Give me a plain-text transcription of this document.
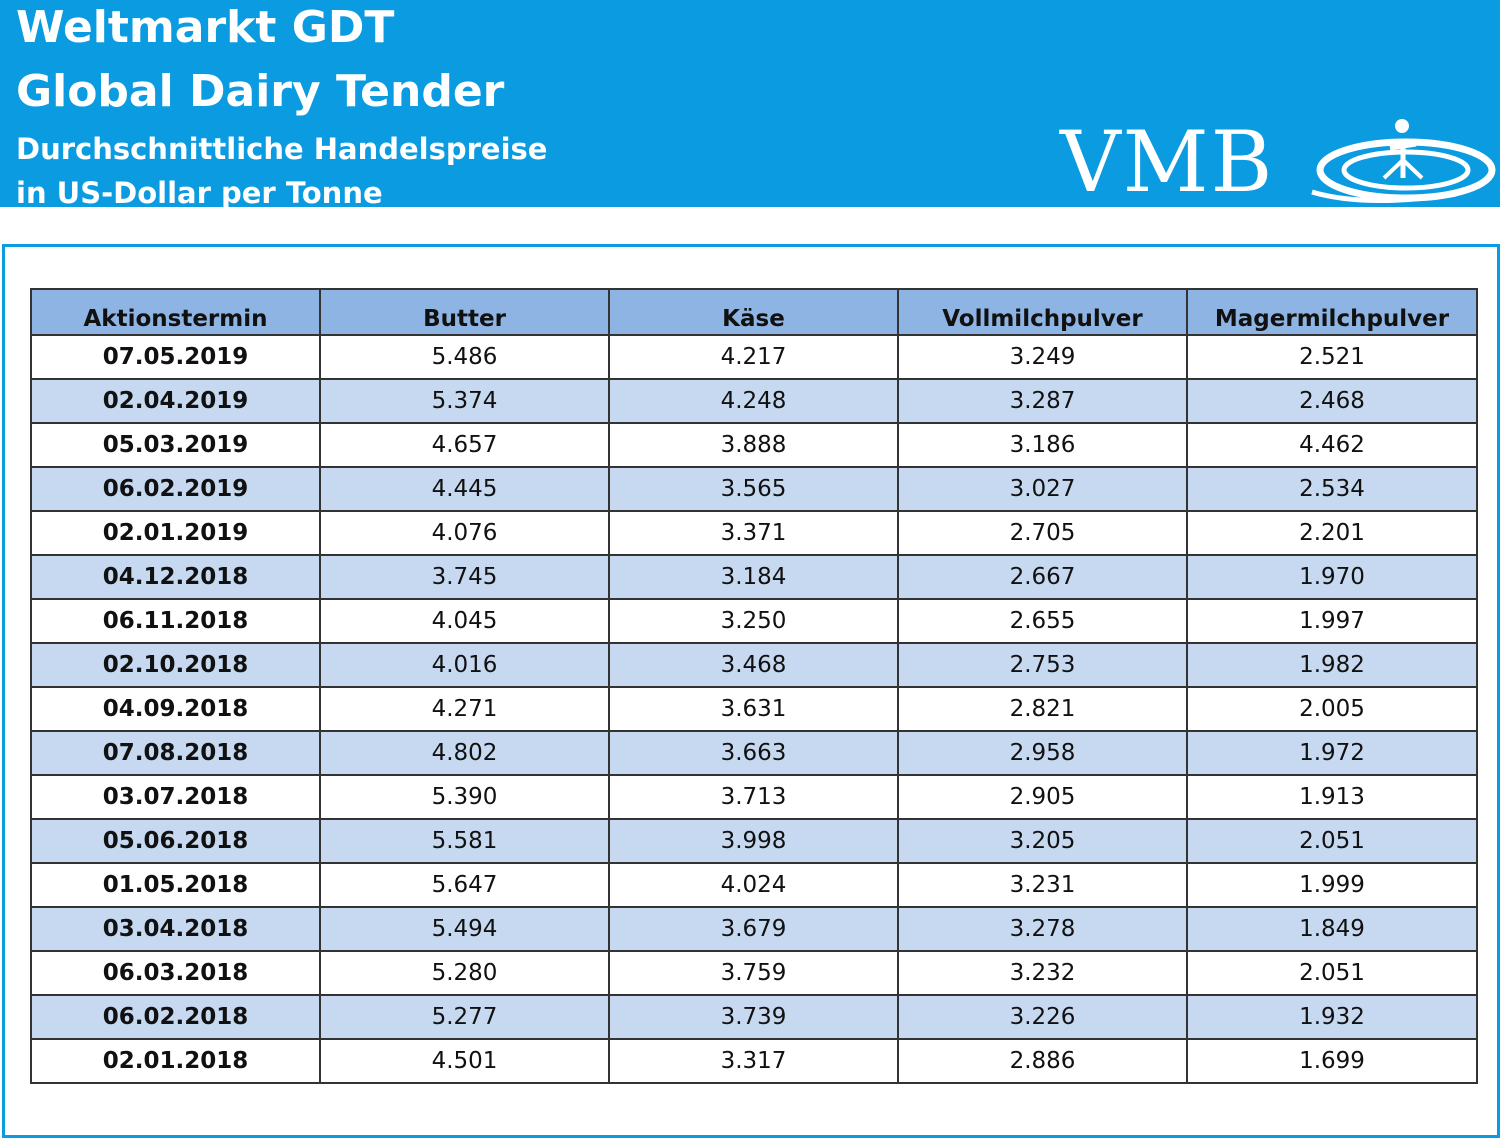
Weltmarkt GDT
Global Dairy Tender
Durchschnittliche Handelspreise
in US-Dollar per Tonne	VMB
Aktionstermin	Butter	Käse	Vollmilchpulver	Magermilchpulver
07.05.2019	5.486	4.217	3.249	2.521
02.04.2019	5.374	4.248	3.287	2.468
05.03.2019	4.657	3.888	3.186	4.462
06.02.2019	4.445	3.565	3.027	2.534
02.01.2019	4.076	3.371	2.705	2.201
04.12.2018	3.745	3.184	2.667	1.970
06.11.2018	4.045	3.250	2.655	1.997
02.10.2018	4.016	3.468	2.753	1.982
04.09.2018	4.271	3.631	2.821	2.005
07.08.2018	4.802	3.663	2.958	1.972
03.07.2018	5.390	3.713	2.905	1.913
05.06.2018	5.581	3.998	3.205	2.051
01.05.2018	5.647	4.024	3.231	1.999
03.04.2018	5.494	3.679	3.278	1.849
06.03.2018	5.280	3.759	3.232	2.051
06.02.2018	5.277	3.739	3.226	1.932
02.01.2018	4.501	3.317	2.886	1.699
